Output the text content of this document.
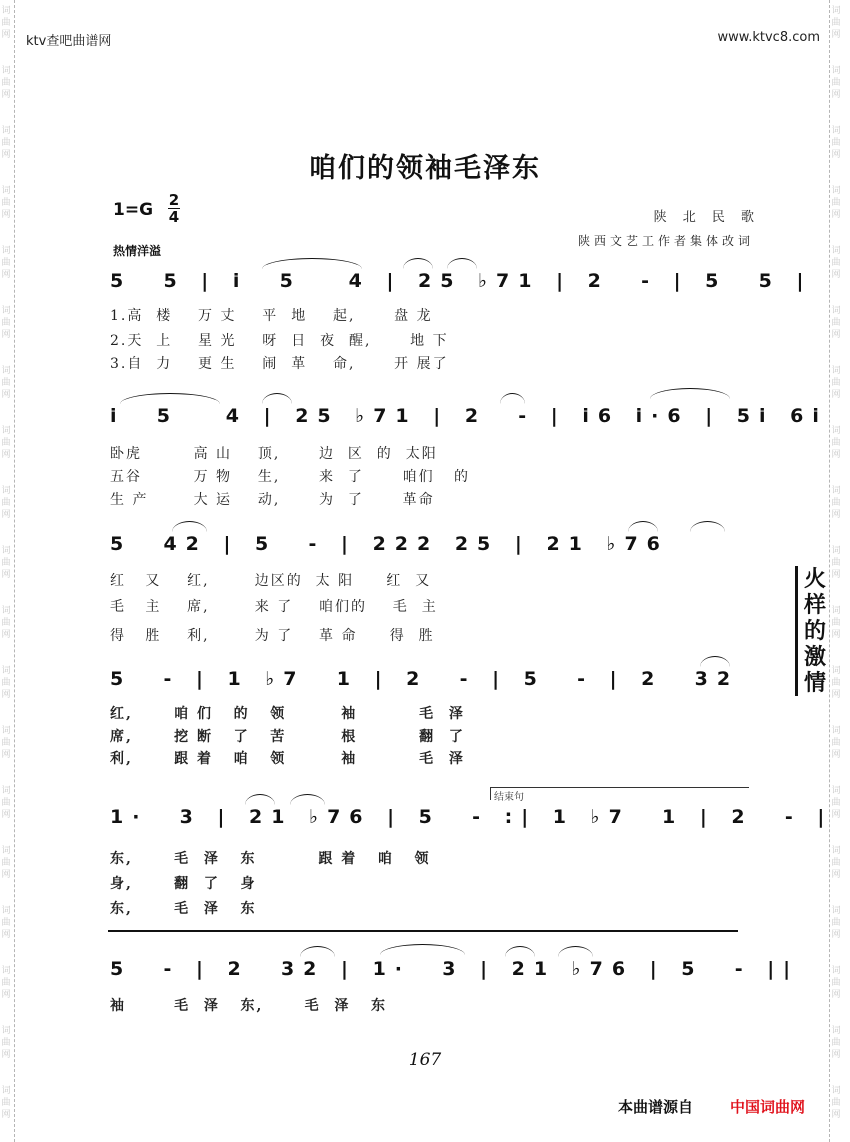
词
曲
网
词
曲
网
词
曲
网
词
曲
网
词
曲
网
词
曲
网
词
曲
网
词
曲
网
词
曲
网
词
曲
网
词
曲
网
词
曲
网
词
曲
网
词
曲
网
词
曲
网
词
曲
网
词
曲
网
词
曲
网
词
曲
网
词
曲
网
词
曲
网
词
曲
网
词
曲
网
词
曲
网
词
曲
网
词
曲
网
词
曲
网
词
曲
网
词
曲
网
词
曲
网
词
曲
网
词
曲
网
词
曲
网
词
曲
网
词
曲
网
词
曲
网
词
曲
网
词
曲
网
ktv查吧曲谱网	www.ktvc8.com
咱们的领袖毛泽东
1=G 2
4
热情洋溢
陕 北 民 歌
陕西文艺工作者集体改词
5  5 | i  5   4 | 25 ♭71 | 2  - | 5  5 |
1.高  楼    万 丈    平  地    起,      盘 龙
2.天  上    星 光    呀  日  夜  醒,      地 下
3.自  力    更 生    闹  革    命,      开 展了
i  5   4 | 25 ♭71 | 2  - | i6 i·6 | 5i 6i
卧虎        高 山    顶,      边  区  的  太阳
五谷        万 物    生,      来  了      咱们   的
生 产       大 运    动,      为  了      革命
5  42 | 5  - | 222 25 | 21 ♭76
红   又    红,       边区的  太 阳     红  又
毛   主    席,       来 了    咱们的    毛  主
得   胜    利,       为 了    革 命     得  胜
5  - | 1 ♭7  1 | 2  - | 5  - | 2  32
红,      咱 们   的   领        袖         毛  泽
席,      挖 断   了   苦        根         翻  了
利,      跟 着   咱   领        袖         毛  泽
结束句
1·  3 | 21 ♭76 | 5  - :| 1 ♭7  1 | 2  - |
东,      毛  泽   东         跟 着   咱   领
身,      翻  了   身
东,      毛  泽   东
5  - | 2  32 | 1·  3 | 21 ♭76 | 5  - ||
袖       毛  泽   东,      毛  泽   东
火
样
的
激
情
167
本曲谱源自 中国词曲网
